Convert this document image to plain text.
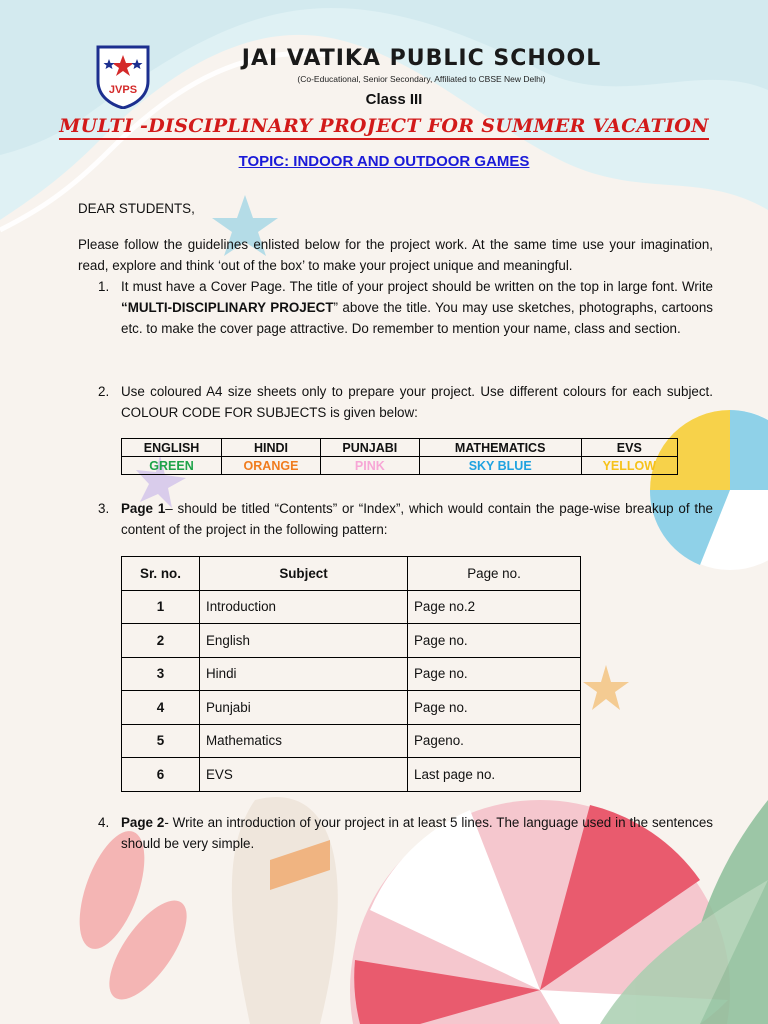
JVPS
JAI VATIKA PUBLIC SCHOOL
(Co-Educational, Senior Secondary, Affiliated to CBSE New Delhi)
Class III
MULTI -DISCIPLINARY PROJECT FOR SUMMER VACATION
TOPIC: INDOOR AND OUTDOOR GAMES
DEAR STUDENTS,
Please follow the guidelines enlisted below for the project work. At the same time use your imagination, read, explore and think ‘out of the box’ to make your project unique and meaningful.
1. It must have a Cover Page. The title of your project should be written on the top in large font. Write “MULTI-DISCIPLINARY PROJECT” above the title. You may use sketches, photographs, cartoons etc. to make the cover page attractive. Do remember to mention your name, class and section.
2. Use coloured A4 size sheets only to prepare your project. Use different colours for each subject. COLOUR CODE FOR SUBJECTS is given below:
ENGLISH	HINDI	PUNJABI	MATHEMATICS	EVS
GREEN	ORANGE	PINK	SKY BLUE	YELLOW
3. Page 1– should be titled “Contents” or “Index”, which would contain the page-wise breakup of the content of the project in the following pattern:
Sr. no.	Subject	Page no.
1	Introduction	Page no.2
2	English	Page no.
3	Hindi	Page no.
4	Punjabi	Page no.
5	Mathematics	Pageno.
6	EVS	Last page no.
4. Page 2- Write an introduction of your project in at least 5 lines. The language used in the sentences should be very simple.
